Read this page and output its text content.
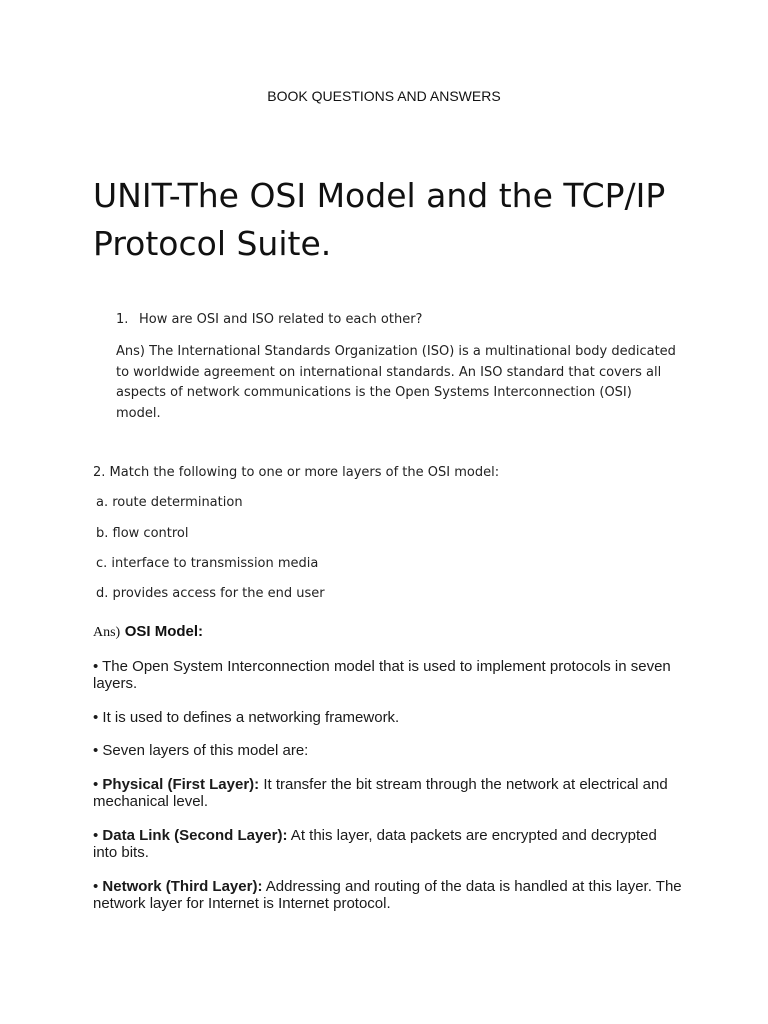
BOOK QUESTIONS AND ANSWERS
UNIT-The OSI Model and the TCP/IP
Protocol Suite.
1. How are OSI and ISO related to each other?
Ans) The International Standards Organization (ISO) is a multinational body dedicated to worldwide agreement on international standards. An ISO standard that covers all aspects of network communications is the Open Systems Interconnection (OSI) model.
2. Match the following to one or more layers of the OSI model:
a. route determination
b. flow control
c. interface to transmission media
d. provides access for the end user
Ans) OSI Model:
• The Open System Interconnection model that is used to implement protocols in seven layers.
• It is used to defines a networking framework.
• Seven layers of this model are:
• Physical (First Layer): It transfer the bit stream through the network at electrical and mechanical level.
• Data Link (Second Layer): At this layer, data packets are encrypted and decrypted into bits.
• Network (Third Layer): Addressing and routing of the data is handled at this layer. The network layer for Internet is Internet protocol.
